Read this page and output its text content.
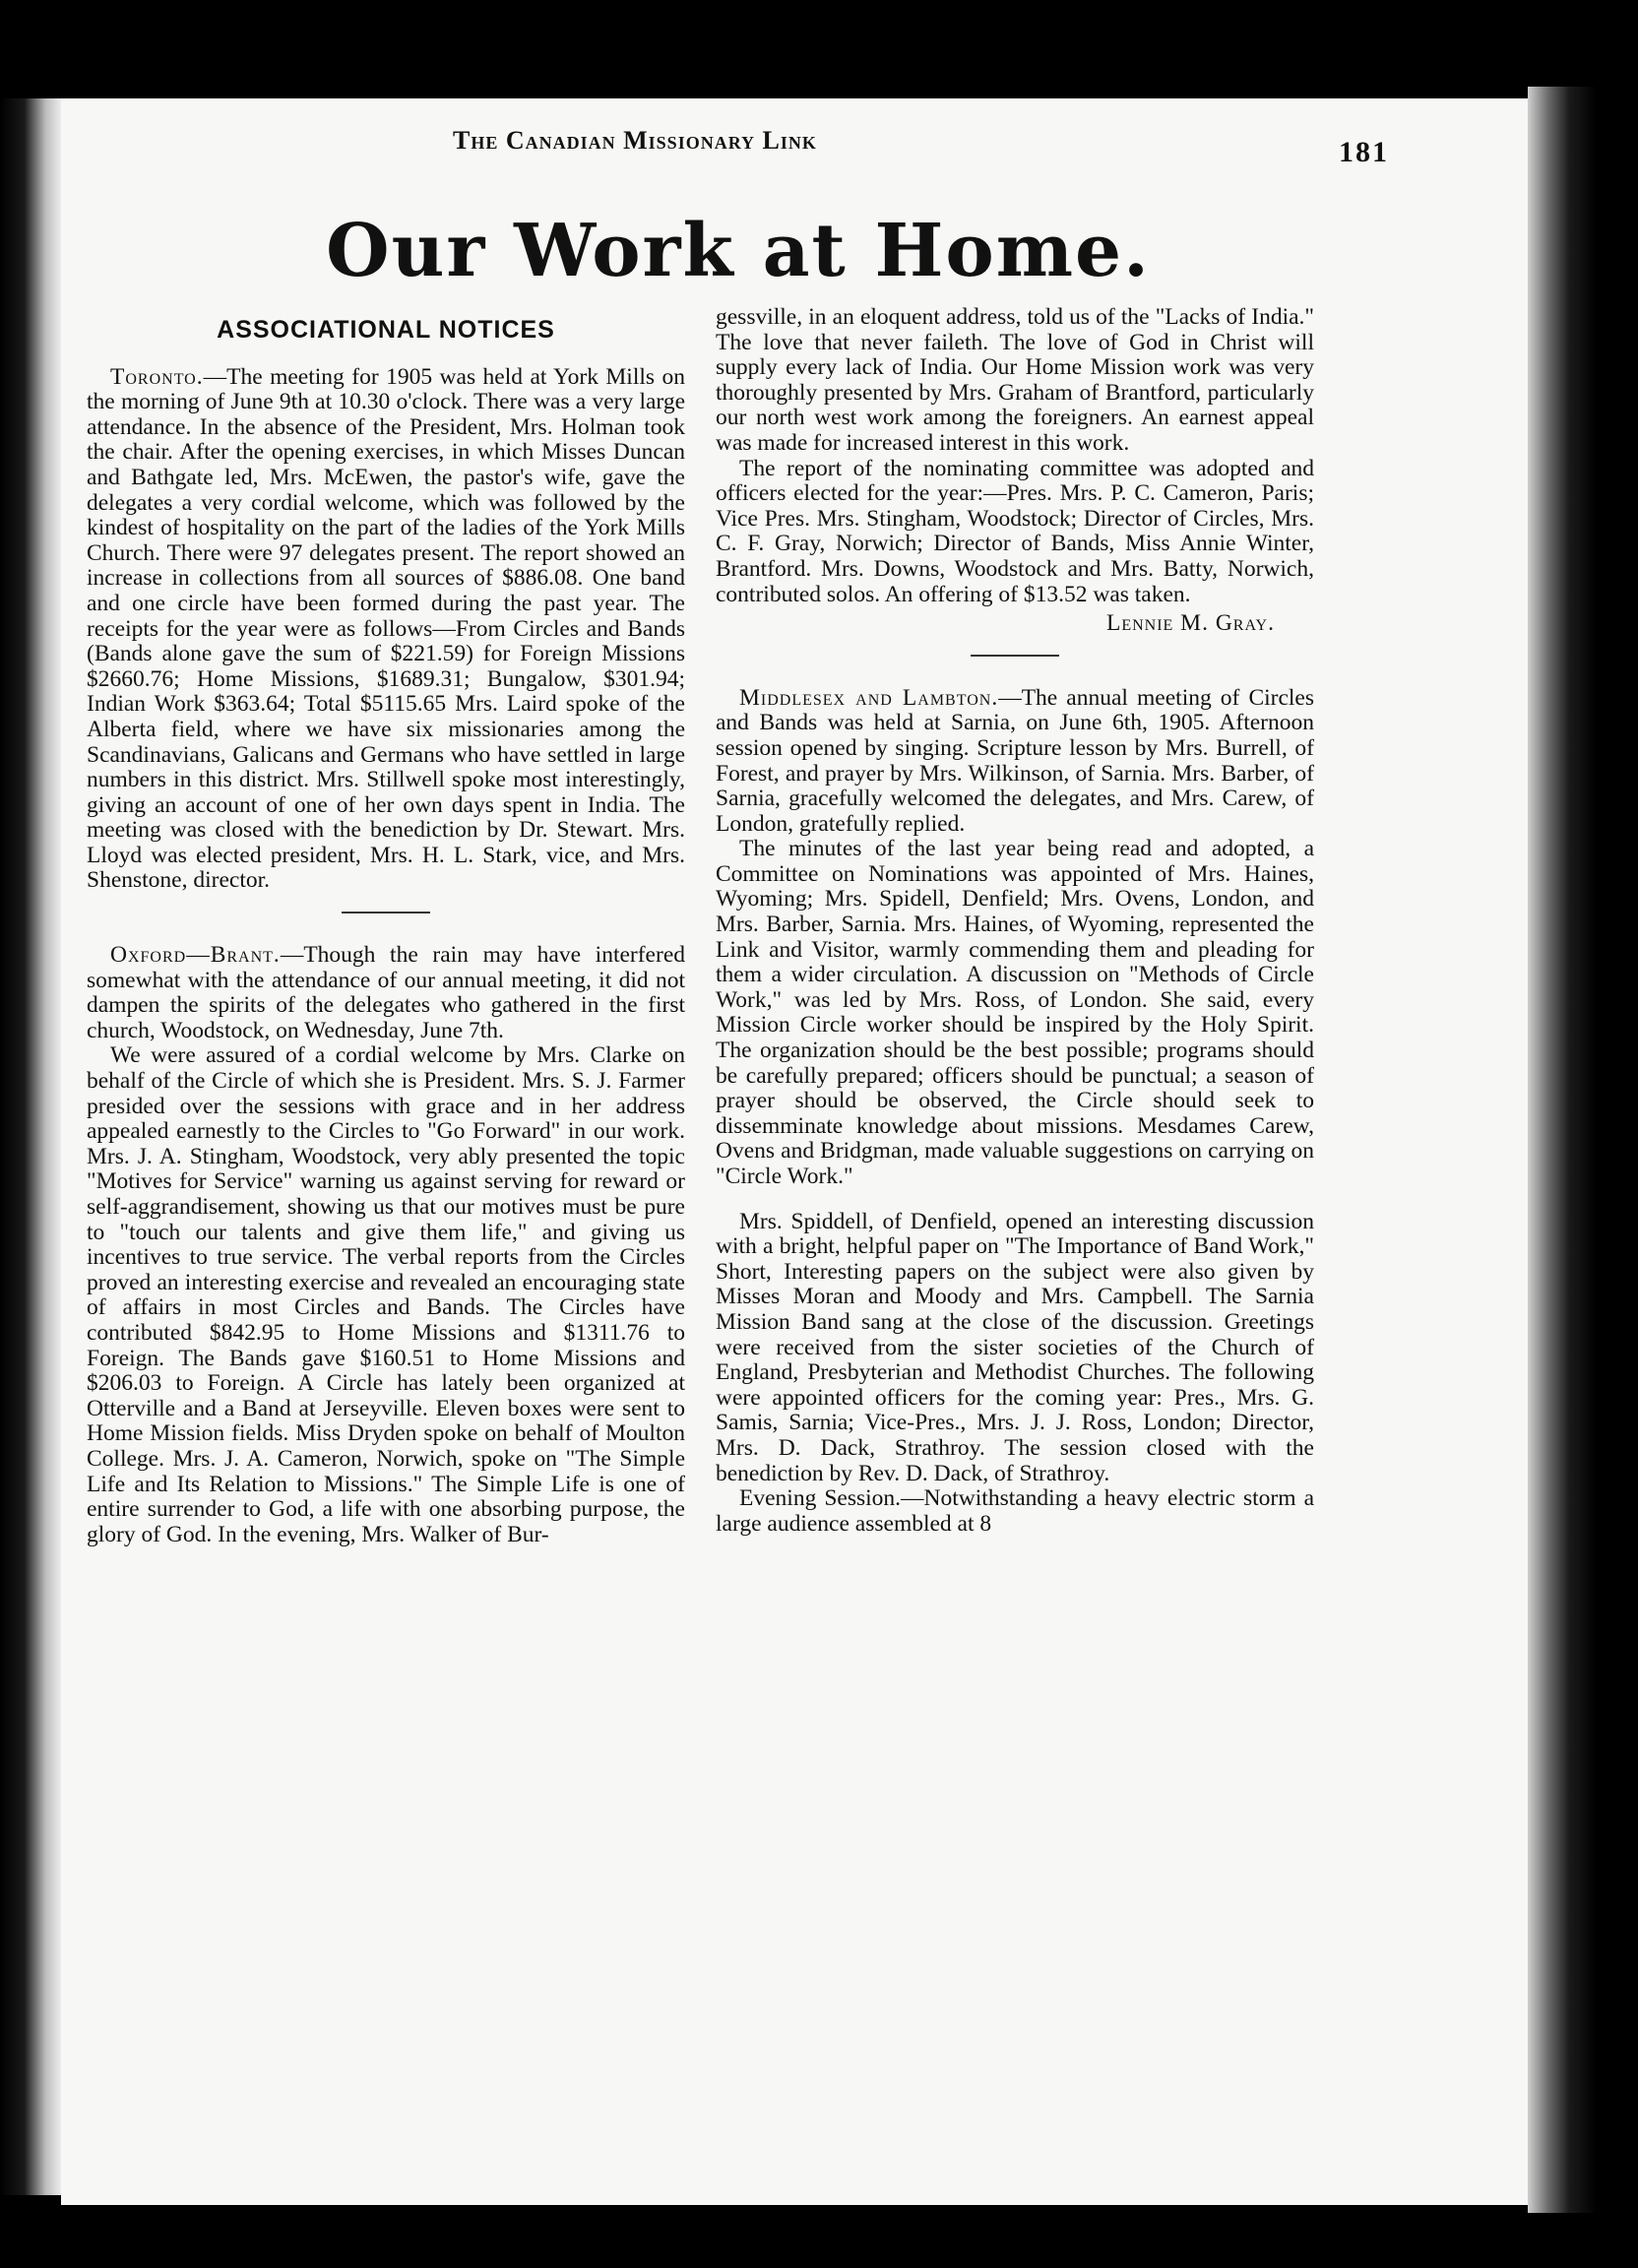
The Canadian Missionary Link	181
Our Work at Home.
ASSOCIATIONAL NOTICES

Toronto.—The meeting for 1905 was held at York Mills on the morning of June 9th at 10.30 o'clock. There was a very large attendance. In the absence of the President, Mrs. Holman took the chair. After the opening exercises, in which Misses Duncan and Bathgate led, Mrs. McEwen, the pastor's wife, gave the delegates a very cordial welcome, which was followed by the kindest of hospitality on the part of the ladies of the York Mills Church. There were 97 delegates present. The report showed an increase in collections from all sources of $886.08. One band and one circle have been formed during the past year. The receipts for the year were as follows—From Circles and Bands (Bands alone gave the sum of $221.59) for Foreign Missions $2660.76; Home Missions, $1689.31; Bungalow, $301.94; Indian Work $363.64; Total $5115.65 Mrs. Laird spoke of the Alberta field, where we have six missionaries among the Scandinavians, Galicans and Germans who have settled in large numbers in this district. Mrs. Stillwell spoke most interestingly, giving an account of one of her own days spent in India. The meeting was closed with the benediction by Dr. Stewart. Mrs. Lloyd was elected president, Mrs. H. L. Stark, vice, and Mrs. Shenstone, director.

Oxford—Brant.—Though the rain may have interfered somewhat with the attendance of our annual meeting, it did not dampen the spirits of the delegates who gathered in the first church, Woodstock, on Wednesday, June 7th.

We were assured of a cordial welcome by Mrs. Clarke on behalf of the Circle of which she is President. Mrs. S. J. Farmer presided over the sessions with grace and in her address appealed earnestly to the Circles to "Go Forward" in our work. Mrs. J. A. Stingham, Woodstock, very ably presented the topic "Motives for Service" warning us against serving for reward or self-aggrandisement, showing us that our motives must be pure to "touch our talents and give them life," and giving us incentives to true service. The verbal reports from the Circles proved an interesting exercise and revealed an encouraging state of affairs in most Circles and Bands. The Circles have contributed $842.95 to Home Missions and $1311.76 to Foreign. The Bands gave $160.51 to Home Missions and $206.03 to Foreign. A Circle has lately been organized at Otterville and a Band at Jerseyville. Eleven boxes were sent to Home Mission fields. Miss Dryden spoke on behalf of Moulton College. Mrs. J. A. Cameron, Norwich, spoke on "The Simple Life and Its Relation to Missions." The Simple Life is one of entire surrender to God, a life with one absorbing purpose, the glory of God. In the evening, Mrs. Walker of Bur-

gessville, in an eloquent address, told us of the "Lacks of India." The love that never faileth. The love of God in Christ will supply every lack of India. Our Home Mission work was very thoroughly presented by Mrs. Graham of Brantford, particularly our north west work among the foreigners. An earnest appeal was made for increased interest in this work.

The report of the nominating committee was adopted and officers elected for the year:—Pres. Mrs. P. C. Cameron, Paris; Vice Pres. Mrs. Stingham, Woodstock; Director of Circles, Mrs. C. F. Gray, Norwich; Director of Bands, Miss Annie Winter, Brantford. Mrs. Downs, Woodstock and Mrs. Batty, Norwich, contributed solos. An offering of $13.52 was taken.

Lennie M. Gray.

Middlesex and Lambton.—The annual meeting of Circles and Bands was held at Sarnia, on June 6th, 1905. Afternoon session opened by singing. Scripture lesson by Mrs. Burrell, of Forest, and prayer by Mrs. Wilkinson, of Sarnia. Mrs. Barber, of Sarnia, gracefully welcomed the delegates, and Mrs. Carew, of London, gratefully replied.

The minutes of the last year being read and adopted, a Committee on Nominations was appointed of Mrs. Haines, Wyoming; Mrs. Spidell, Denfield; Mrs. Ovens, London, and Mrs. Barber, Sarnia. Mrs. Haines, of Wyoming, represented the Link and Visitor, warmly commending them and pleading for them a wider circulation. A discussion on "Methods of Circle Work," was led by Mrs. Ross, of London. She said, every Mission Circle worker should be inspired by the Holy Spirit. The organization should be the best possible; programs should be carefully prepared; officers should be punctual; a season of prayer should be observed, the Circle should seek to dissemminate knowledge about missions. Mesdames Carew, Ovens and Bridgman, made valuable suggestions on carrying on "Circle Work."

Mrs. Spiddell, of Denfield, opened an interesting discussion with a bright, helpful paper on "The Importance of Band Work," Short, Interesting papers on the subject were also given by Misses Moran and Moody and Mrs. Campbell. The Sarnia Mission Band sang at the close of the discussion. Greetings were received from the sister societies of the Church of England, Presbyterian and Methodist Churches. The following were appointed officers for the coming year: Pres., Mrs. G. Samis, Sarnia; Vice-Pres., Mrs. J. J. Ross, London; Director, Mrs. D. Dack, Strathroy. The session closed with the benediction by Rev. D. Dack, of Strathroy.

Evening Session.—Notwithstanding a heavy electric storm a large audience assembled at 8
